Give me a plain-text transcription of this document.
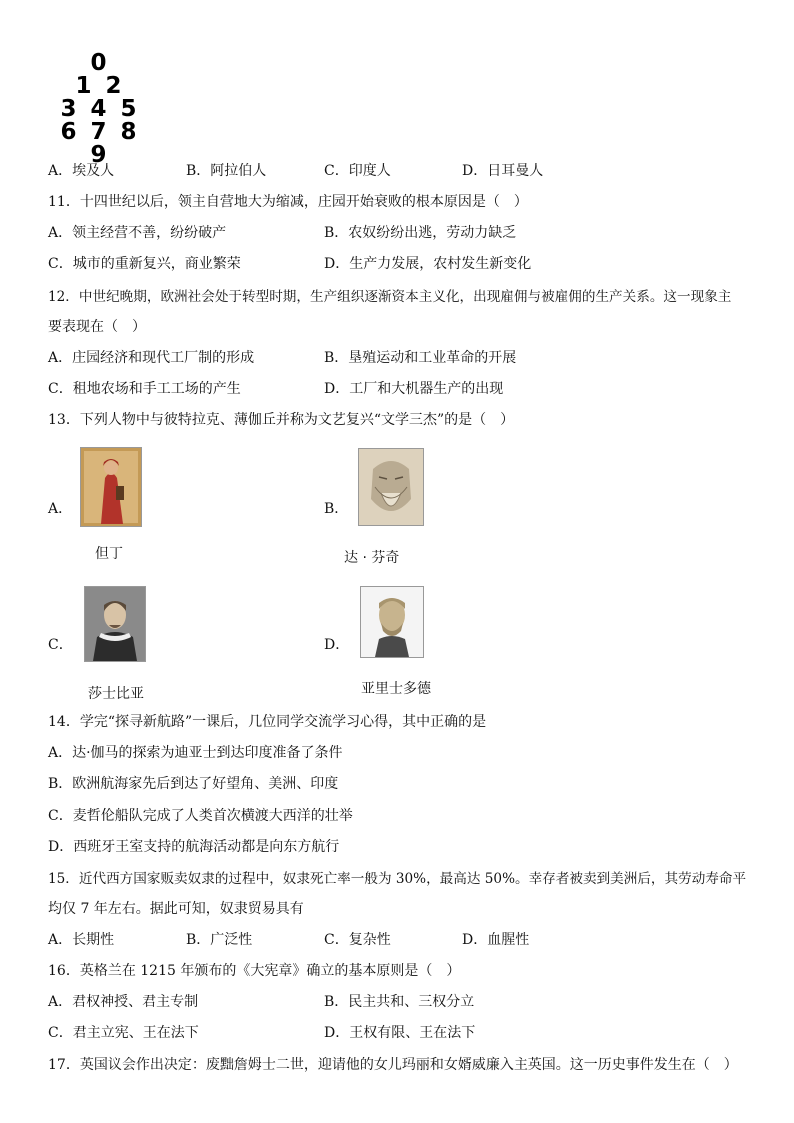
0
1 2
3 4 5
6 7 8 9
A．埃及人	B．阿拉伯人	C．印度人	D．日耳曼人
11．十四世纪以后，领主自营地大为缩减，庄园开始衰败的根本原因是（　）
A．领主经营不善，纷纷破产	B．农奴纷纷出逃，劳动力缺乏
C．城市的重新复兴，商业繁荣	D．生产力发展，农村发生新变化
12．中世纪晚期，欧洲社会处于转型时期，生产组织逐渐资本主义化，出现雇佣与被雇佣的生产关系。这一现象主
要表现在（　）
A．庄园经济和现代工厂制的形成	B．垦殖运动和工业革命的开展
C．租地农场和手工工场的产生	D．工厂和大机器生产的出现
13．下列人物中与彼特拉克、薄伽丘并称为文艺复兴“文学三杰”的是（　）
A．
但丁
B．
达 · 芬奇
C．
莎士比亚
D．
亚里士多德
14．学完“探寻新航路”一课后，几位同学交流学习心得，其中正确的是
A．达·伽马的探索为迪亚士到达印度准备了条件
B．欧洲航海家先后到达了好望角、美洲、印度
C．麦哲伦船队完成了人类首次横渡大西洋的壮举
D．西班牙王室支持的航海活动都是向东方航行
15．近代西方国家贩卖奴隶的过程中，奴隶死亡率一般为 30%，最高达 50%。幸存者被卖到美洲后，其劳动寿命平
均仅 7 年左右。据此可知，奴隶贸易具有
A．长期性	B．广泛性	C．复杂性	D．血腥性
16．英格兰在 1215 年颁布的《大宪章》确立的基本原则是（　）
A．君权神授、君主专制	B．民主共和、三权分立
C．君主立宪、王在法下	D．王权有限、王在法下
17．英国议会作出决定：废黜詹姆士二世，迎请他的女儿玛丽和女婿威廉入主英国。这一历史事件发生在（　）
